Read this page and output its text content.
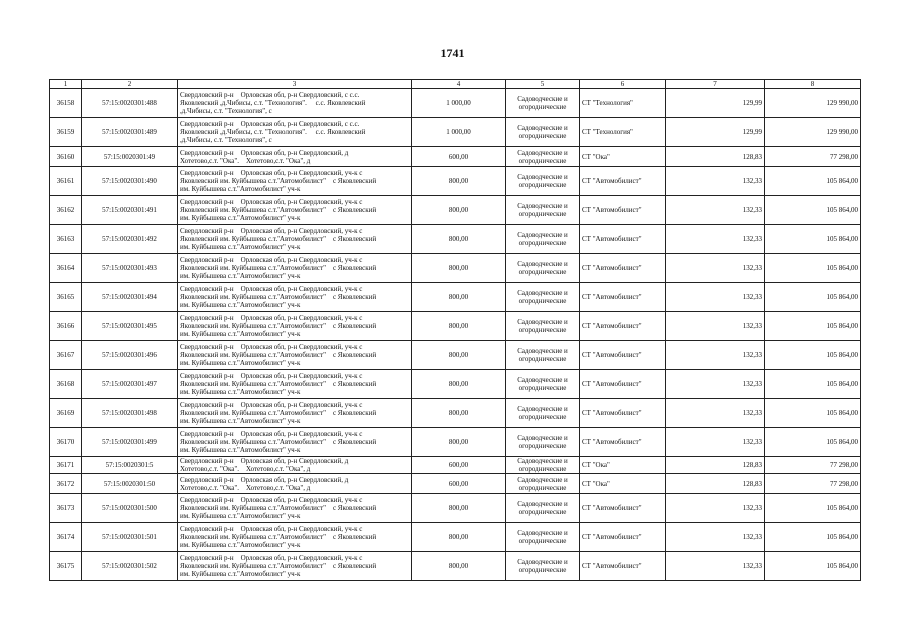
1741
1	2	3	4	5	6	7	8
36158	57:15:0020301:488	Свердловский р-н    Орловская обл, р-н Свердловский, с с.с.
Яковлевский ,д.Чибисы, с.т. "Технология".     с.с. Яковлевский
,д.Чибисы, с.т. "Технология", с	1 000,00	Садоводческие и
огороднические	СТ "Технология"	129,99	129 990,00
36159	57:15:0020301:489	Свердловский р-н    Орловская обл, р-н Свердловский, с с.с.
Яковлевский ,д.Чибисы, с.т. "Технология".     с.с. Яковлевский
,д.Чибисы, с.т. "Технология", с	1 000,00	Садоводческие и
огороднические	СТ "Технология"	129,99	129 990,00
36160	57:15:0020301:49	Свердловский р-н    Орловская обл, р-н Свердловский, д
Хотетово,с.т. "Ока".    Хотетово,с.т. "Ока", д	600,00	Садоводческие и
огороднические	СТ "Ока"	128,83	77 298,00
36161	57:15:0020301:490	Свердловский р-н    Орловская обл, р-н Свердловский, уч-к с
Яковлевский им. Куйбышева с.т."Автомобилист"    с Яковлевский
им. Куйбышева с.т."Автомобилист" уч-к	800,00	Садоводческие и
огороднические	СТ "Автомобилист"	132,33	105 864,00
36162	57:15:0020301:491	Свердловский р-н    Орловская обл, р-н Свердловский, уч-к с
Яковлевский им. Куйбышева с.т."Автомобилист"    с Яковлевский
им. Куйбышева с.т."Автомобилист" уч-к	800,00	Садоводческие и
огороднические	СТ "Автомобилист"	132,33	105 864,00
36163	57:15:0020301:492	Свердловский р-н    Орловская обл, р-н Свердловский, уч-к с
Яковлевский им. Куйбышева с.т."Автомобилист"    с Яковлевский
им. Куйбышева с.т."Автомобилист" уч-к	800,00	Садоводческие и
огороднические	СТ "Автомобилист"	132,33	105 864,00
36164	57:15:0020301:493	Свердловский р-н    Орловская обл, р-н Свердловский, уч-к с
Яковлевский им. Куйбышева с.т."Автомобилист"    с Яковлевский
им. Куйбышева с.т."Автомобилист" уч-к	800,00	Садоводческие и
огороднические	СТ "Автомобилист"	132,33	105 864,00
36165	57:15:0020301:494	Свердловский р-н    Орловская обл, р-н Свердловский, уч-к с
Яковлевский им. Куйбышева с.т."Автомобилист"    с Яковлевский
им. Куйбышева с.т."Автомобилист" уч-к	800,00	Садоводческие и
огороднические	СТ "Автомобилист"	132,33	105 864,00
36166	57:15:0020301:495	Свердловский р-н    Орловская обл, р-н Свердловский, уч-к с
Яковлевский им. Куйбышева с.т."Автомобилист"    с Яковлевский
им. Куйбышева с.т."Автомобилист" уч-к	800,00	Садоводческие и
огороднические	СТ "Автомобилист"	132,33	105 864,00
36167	57:15:0020301:496	Свердловский р-н    Орловская обл, р-н Свердловский, уч-к с
Яковлевский им. Куйбышева с.т."Автомобилист"    с Яковлевский
им. Куйбышева с.т."Автомобилист" уч-к	800,00	Садоводческие и
огороднические	СТ "Автомобилист"	132,33	105 864,00
36168	57:15:0020301:497	Свердловский р-н    Орловская обл, р-н Свердловский, уч-к с
Яковлевский им. Куйбышева с.т."Автомобилист"    с Яковлевский
им. Куйбышева с.т."Автомобилист" уч-к	800,00	Садоводческие и
огороднические	СТ "Автомобилист"	132,33	105 864,00
36169	57:15:0020301:498	Свердловский р-н    Орловская обл, р-н Свердловский, уч-к с
Яковлевский им. Куйбышева с.т."Автомобилист"    с Яковлевский
им. Куйбышева с.т."Автомобилист" уч-к	800,00	Садоводческие и
огороднические	СТ "Автомобилист"	132,33	105 864,00
36170	57:15:0020301:499	Свердловский р-н    Орловская обл, р-н Свердловский, уч-к с
Яковлевский им. Куйбышева с.т."Автомобилист"    с Яковлевский
им. Куйбышева с.т."Автомобилист" уч-к	800,00	Садоводческие и
огороднические	СТ "Автомобилист"	132,33	105 864,00
36171	57:15:0020301:5	Свердловский р-н    Орловская обл, р-н Свердловский, д
Хотетово,с.т. "Ока".    Хотетово,с.т. "Ока", д	600,00	Садоводческие и
огороднические	СТ "Ока"	128,83	77 298,00
36172	57:15:0020301:50	Свердловский р-н    Орловская обл, р-н Свердловский, д
Хотетово,с.т. "Ока".    Хотетово,с.т. "Ока", д	600,00	Садоводческие и
огороднические	СТ "Ока"	128,83	77 298,00
36173	57:15:0020301:500	Свердловский р-н    Орловская обл, р-н Свердловский, уч-к с
Яковлевский им. Куйбышева с.т."Автомобилист"    с Яковлевский
им. Куйбышева с.т."Автомобилист" уч-к	800,00	Садоводческие и
огороднические	СТ "Автомобилист"	132,33	105 864,00
36174	57:15:0020301:501	Свердловский р-н    Орловская обл, р-н Свердловский, уч-к с
Яковлевский им. Куйбышева с.т."Автомобилист"    с Яковлевский
им. Куйбышева с.т."Автомобилист" уч-к	800,00	Садоводческие и
огороднические	СТ "Автомобилист"	132,33	105 864,00
36175	57:15:0020301:502	Свердловский р-н    Орловская обл, р-н Свердловский, уч-к с
Яковлевский им. Куйбышева с.т."Автомобилист"    с Яковлевский
им. Куйбышева с.т."Автомобилист" уч-к	800,00	Садоводческие и
огороднические	СТ "Автомобилист"	132,33	105 864,00
